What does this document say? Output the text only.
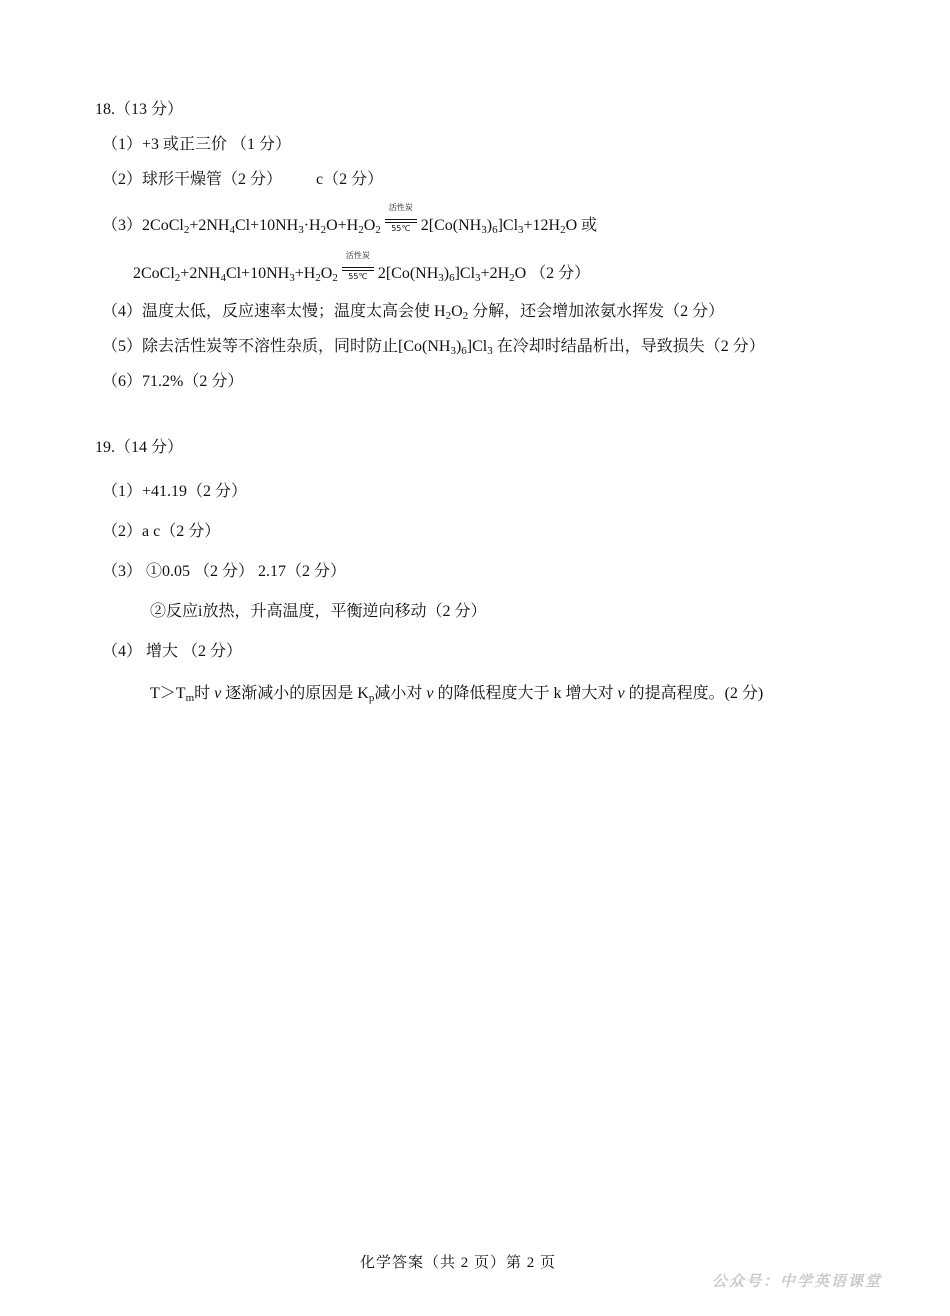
18.（13 分）
（1）+3 或正三价 （1 分）
（2）球形干燥管（2 分） c（2 分）
$(3)2CoCl_2+2NH_4Cl+10NH_3\cdot H_2O+H_2O_2$
活性炭
55℃ $2[Co(NH_3)_6]Cl_3+12H_2O$ 或
$2CoCl_2+2NH_4Cl+10NH_3+H_2O_2$
活性炭
55℃ $2[Co(NH_3)_6]Cl_3+2H_2O$ （2 分）
（4）温度太低，反应速率太慢；温度太高会使 $H_2O_2$ 分解，还会增加浓氨水挥发（2 分）
（5）除去活性炭等不溶性杂质，同时防止$[Co(NH_3)_6]Cl_3$ 在冷却时结晶析出，导致损失（2 分）
（6）71.2%（2 分）
19.（14 分）
（1）+41.19（2 分）
（2）a c（2 分）
（3） ①0.05 （2 分） 2.17（2 分）
②反应i放热，升高温度，平衡逆向移动（2 分）
（4） 增大 （2 分）
$T>T_m$时 v 逐渐减小的原因是 $K_p$减小对 v 的降低程度大于 k 增大对 v 的提高程度。(2 分)
化学答案（共 2 页）第 2 页
公众号：中学英语课堂
